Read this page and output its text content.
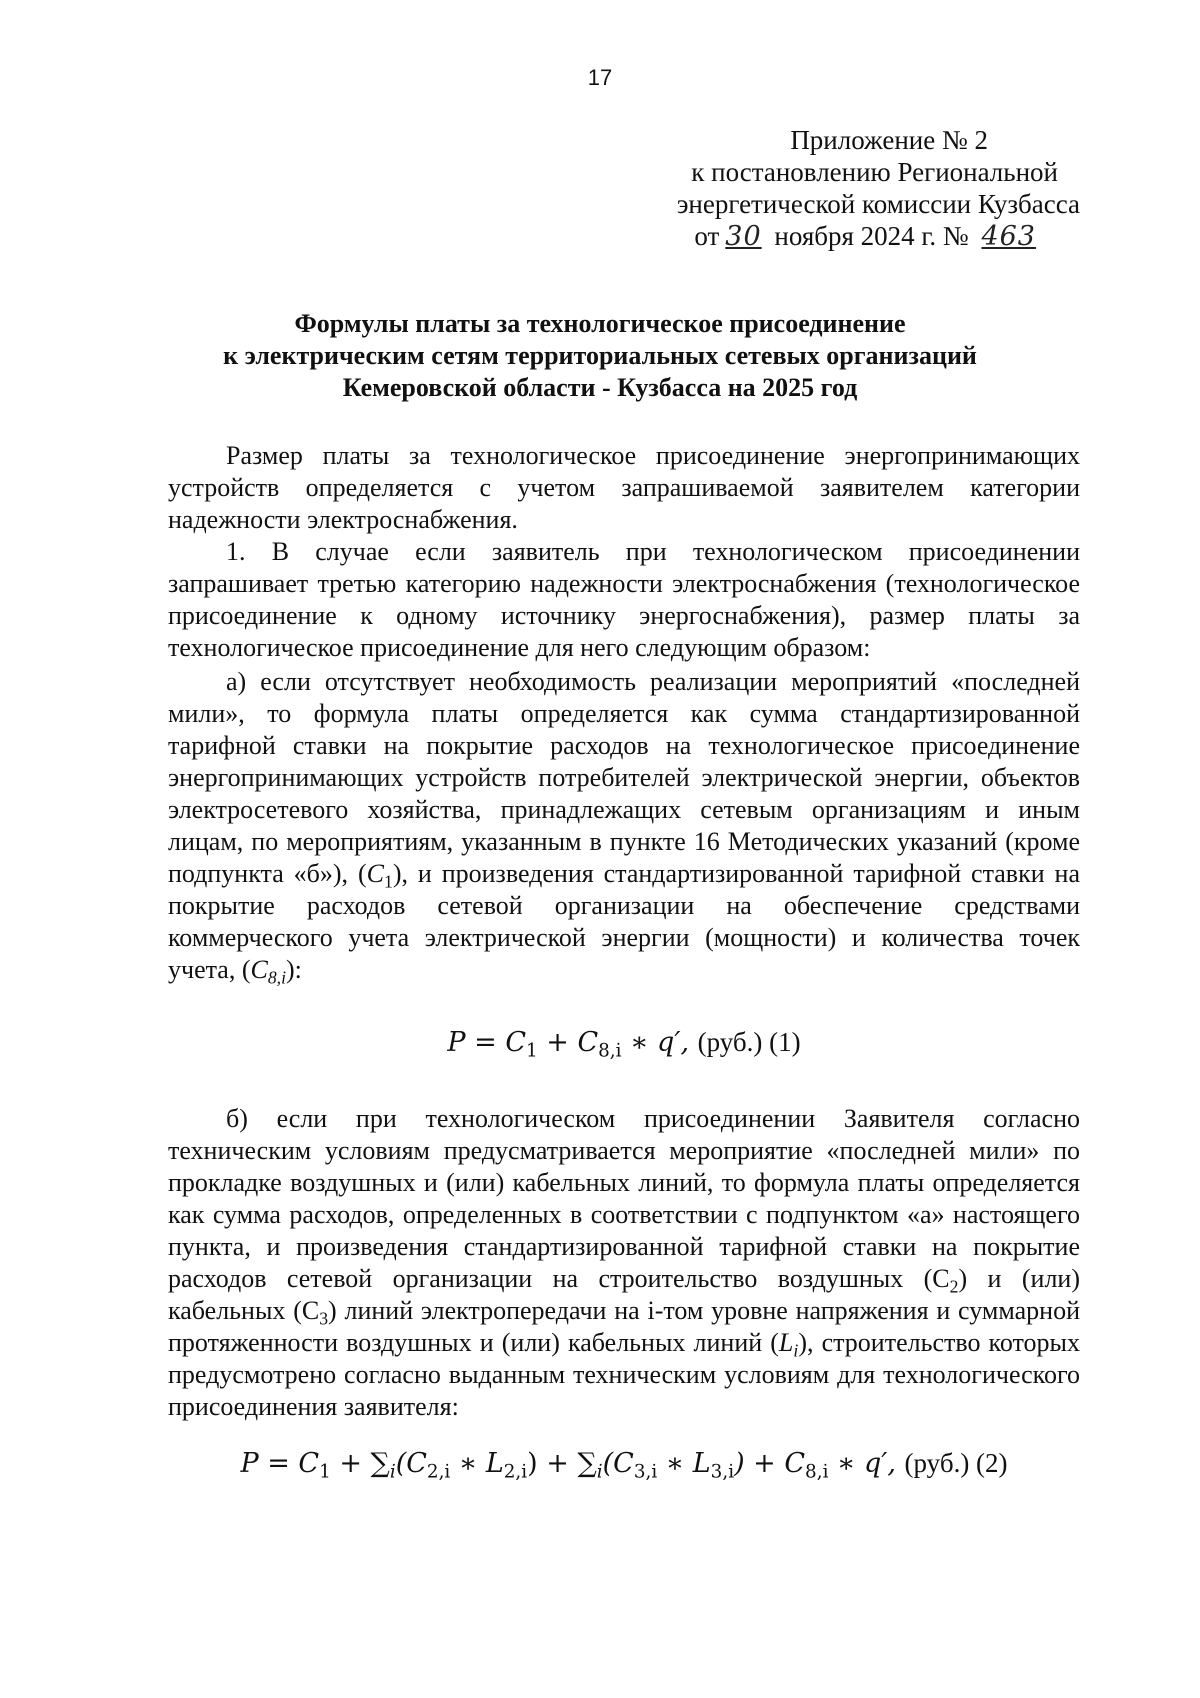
17
Приложение № 2
к постановлению Региональной
энергетической комиссии Кузбасса
от 30 ноября 2024 г. № 463
Формулы платы за технологическое присоединение
к электрическим сетям территориальных сетевых организаций
Кемеровской области - Кузбасса на 2025 год

Размер платы за технологическое присоединение энергопринимающих устройств определяется с учетом запрашиваемой заявителем категории надежности электроснабжения.

1. В случае если заявитель при технологическом присоединении запрашивает третью категорию надежности электроснабжения (технологическое присоединение к одному источнику энергоснабжения), размер платы за технологическое присоединение для него следующим образом:

а) если отсутствует необходимость реализации мероприятий «последней мили», то формула платы определяется как сумма стандартизированной тарифной ставки на покрытие расходов на технологическое присоединение энергопринимающих устройств потребителей электрической энергии, объектов электросетевого хозяйства, принадлежащих сетевым организациям и иным лицам, по мероприятиям, указанным в пункте 16 Методических указаний (кроме подпункта «б»), $(C_1)$, и произведения стандартизированной тарифной ставки на покрытие расходов сетевой организации на обеспечение средствами коммерческого учета электрической энергии (мощности) и количества точек учета, $(C_{8,i})$:

$P = C_1 + C_{8,i}$ ∗ q′, (руб.) (1)

б) если при технологическом присоединении Заявителя согласно техническим условиям предусматривается мероприятие «последней мили» по прокладке воздушных и (или) кабельных линий, то формула платы определяется как сумма расходов, определенных в соответствии с подпунктом «а» настоящего пункта, и произведения стандартизированной тарифной ставки на покрытие расходов сетевой организации на строительство воздушных $(С_2)$ и (или) кабельных $(С_3)$ линий электропередачи на i-том уровне напряжения и суммарной протяженности воздушных и (или) кабельных линий $(L_i)$, строительство которых предусмотрено согласно выданным техническим условиям для технологического присоединения заявителя:

$P = C_1 + \sum_i(C_{2,i}$ ∗ $L_{2,i}) + \sum_i(C_{3,i}$ ∗ $L_{3,i}) + C_{8,i}$ ∗ q′, (руб.) (2)
